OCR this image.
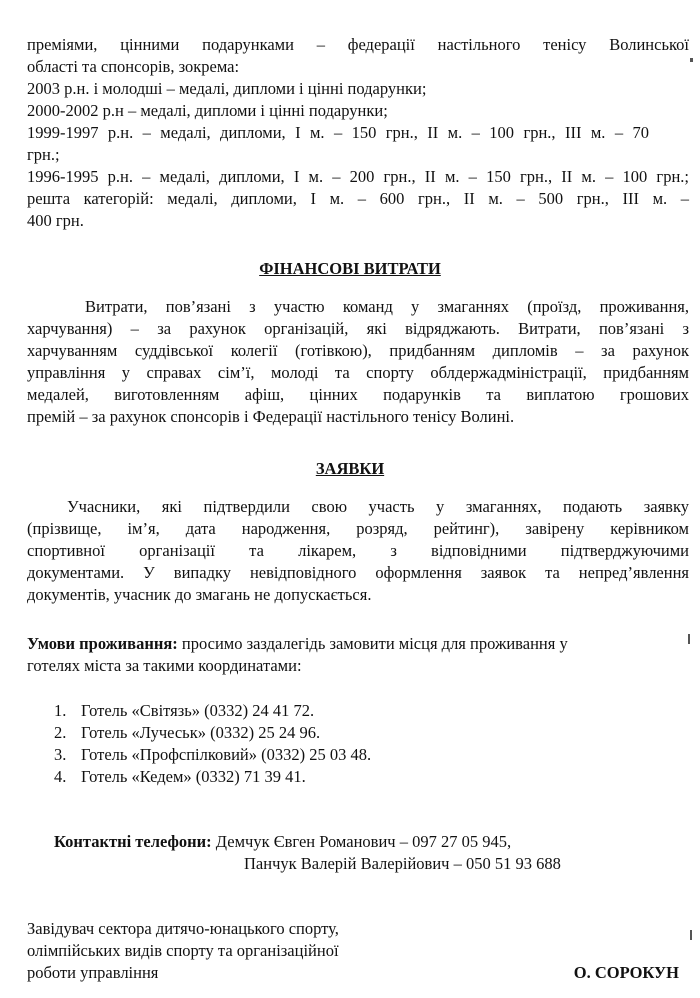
преміями, цінними подарунками – федерації настільного тенісу Волинської
області та спонсорів, зокрема:
2003 р.н. і молодші – медалі, дипломи і цінні подарунки;
2000-2002 р.н – медалі, дипломи і цінні подарунки;
1999-1997 р.н. – медалі, дипломи, І м. – 150 грн., ІІ м. – 100 грн., ІІІ м. – 70
грн.;
1996-1995 р.н. – медалі, дипломи, І м. – 200 грн., ІІ м. – 150 грн., ІІ м. – 100 грн.;
решта категорій: медалі, дипломи, І м. – 600 грн., ІІ м. – 500 грн., ІІІ м. –
400 грн.
ФІНАНСОВІ ВИТРАТИ
Витрати, пов’язані з участю команд у змаганнях (проїзд, проживання,
харчування) – за рахунок організацій, які відряджають. Витрати, пов’язані з
харчуванням суддівської колегії (готівкою), придбанням дипломів – за рахунок
управління у справах сім’ї, молоді та спорту облдержадміністрації, придбанням
медалей, виготовленням афіш, цінних подарунків та виплатою грошових
премій – за рахунок спонсорів і Федерації настільного тенісу Волині.
ЗАЯВКИ
Учасники, які підтвердили свою участь у змаганнях, подають заявку
(прізвище, ім’я, дата народження, розряд, рейтинг), завірену керівником
спортивної організації та лікарем, з відповідними підтверджуючими
документами. У випадку невідповідного оформлення заявок та непред’явлення
документів, учасник до змагань не допускається.
Умови проживання: просимо заздалегідь замовити місця для проживання у
готелях міста за такими координатами:
1. Готель «Світязь» (0332) 24 41 72.
2. Готель «Лучеськ» (0332) 25 24 96.
3. Готель «Профспілковий» (0332) 25 03 48.
4. Готель «Кедем» (0332) 71 39 41.
Контактні телефони: Демчук Євген Романович – 097 27 05 945,
Панчук Валерій Валерійович – 050 51 93 688
Завідувач сектора дитячо-юнацького спорту,
олімпійських видів спорту та організаційної
роботи управління	О. СОРОКУН
